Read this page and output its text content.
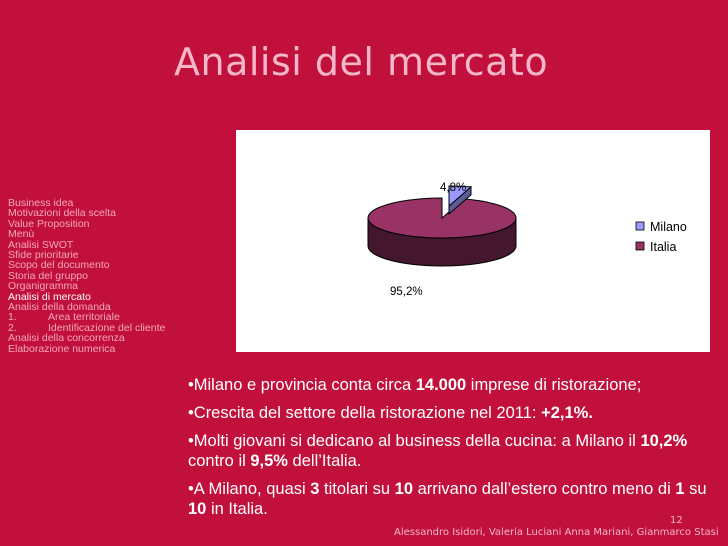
Analisi del mercato
Business idea
Motivazioni della scelta
Value Proposition
Menù
Analisi SWOT
Sfide prioritarie
Scopo del documento
Storia del gruppo
Organigramma
Analisi di mercato
Analisi della domanda
1.	Area territoriale
2.	Identificazione del cliente
Analisi della concorrenza
Elaborazione numerica
4,8%
95,2%
Milano
Italia

•Milano e provincia conta circa 14.000 imprese di ristorazione;

•Crescita del settore della ristorazione nel 2011: +2,1%.

•Molti giovani si dedicano al business della cucina: a Milano il 10,2% contro il 9,5% dell’Italia.

•A Milano, quasi 3 titolari su 10 arrivano dall’estero contro meno di 1 su 10 in Italia.

12
Alessandro Isidori, Valeria Luciani Anna Mariani, Gianmarco Stasi
